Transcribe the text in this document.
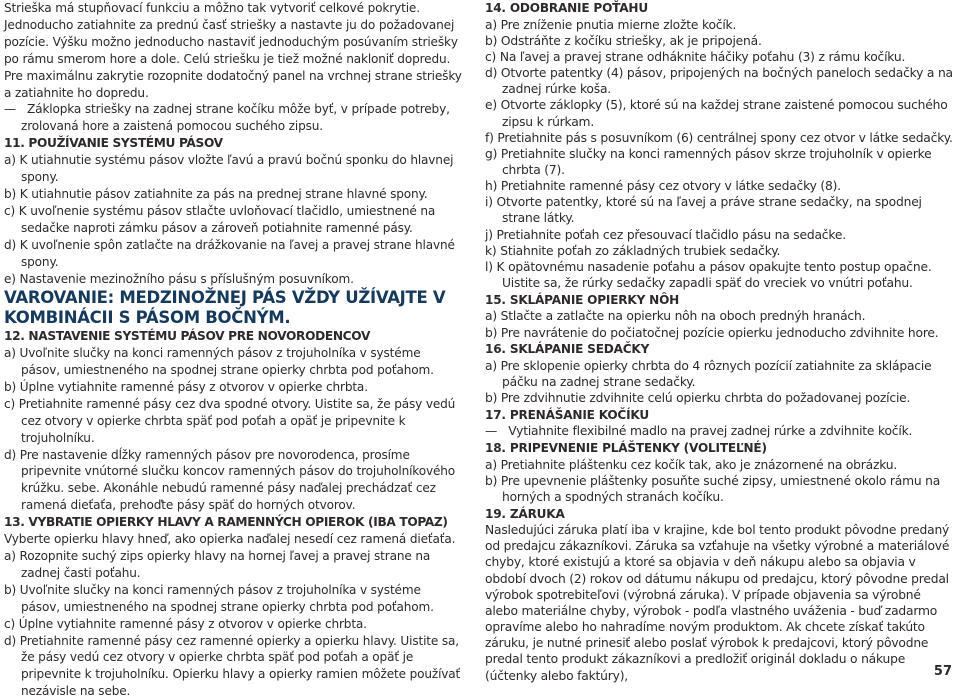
Strieška má stupňovací funkciu a môžno tak vytvoriť celkové pokrytie.

Jednoducho zatiahnite za prednú časť striešky a nastavte ju do požadovanej pozície. Výšku možno jednoducho nastaviť jednoduchým posúvaním strieškу po rámu smerom hore a dole. Celú striešku je tiež možné nakloniť dopredu. Pre maximálnu zakrytie rozopnite dodatočný panel na vrchnej strane striešky a zatiahnite ho dopredu.

— Záklopka strieškу na zadnej strane kočíku môže byť, v prípade potreby, zrolovaná hore a zaistená pomocou suchého zipsu.

11. POUŽÍVANIE SYSTÉMU PÁSOV

a) K utiahnutie systému pásov vložte ľavú a pravú bočnú sponku do hlavnej spony.

b) K utiahnutie pásov zatiahnite za pás na prednej strane hlavné spony.

c) K uvoľnenie systému pásov stlačte uvloňovací tlačidlo, umiestnené na sedačke naproti zámku pásov a zároveň potiahnite ramenné pásy.

d) K uvoľnenie spôn zatlačte na drážkovanie na ľavej a pravej strane hlavné spony.

e) Nastavenie mezinožního pásu s příslušným posuvníkom.

VAROVANIE: MEDZINOŽNEJ PÁS VŽDY UŽÍVAJTE V KOMBINÁCII S PÁSOM BOČNÝM.

12. NASTAVENIE SYSTÉMU PÁSOV PRE NOVORODENCOV

a) Uvoľnite slučky na konci ramenných pásov z trojuholníka v systéme pásov, umiestneného na spodnej strane opierky chrbta pod poťahom.

b) Úplne vytiahnite ramenné pásy z otvorov v opierke chrbta.

c) Pretiahnite ramenné pásy cez dva spodné otvory. Uistite sa, že pásy vedú cez otvory v opierke chrbta späť pod poťah a opäť je pripevnite k trojuholníku.

d) Pre nastavenie dĺžky ramenných pásov pre novorodenca, prosíme pripevnite vnútorné slučku koncov ramenných pásov do trojuholníkového krúžku. sebe. Akonáhle nebudú ramenné pásy naďalej prechádzať cez ramená dieťaťa, prehoďte pásy späť do horných otvorov.

13. VYBRATIE OPIERKY HLAVY A RAMENNÝCH OPIEROK (IBA TOPAZ)

Vyberte opierku hlavy hneď, ako opierka naďalej nesedí cez ramená dieťaťa.

a) Rozopnite suchý zips opierky hlavy na hornej ľavej a pravej strane na zadnej časti poťahu.

b) Uvoľnite slučky na konci ramenných pásov z trojuholníka v systéme pásov, umiestneného na spodnej strane opierky chrbta pod poťahom.

c) Úplne vytiahnite ramenné pásy z otvorov v opierke chrbta.

d) Pretiahnite ramenné pásy cez ramenné opierky a opierku hlavy. Uistite sa, že pásy vedú cez otvory v opierke chrbta späť pod poťah a opäť je pripevnite k trojuholníku. Opierku hlavy a opierky ramien môžete používať nezávisle na sebe.

14. ODOBRANIE POŤAHU

a) Pre zníženie pnutia mierne zložte kočík.

b) Odstráňte z kočíku strieškу, ak je pripojená.

c) Na ľavej a pravej strane odháknite háčiky poťahu (3) z rámu kočíku.

d) Otvorte patentky (4) pásov, pripojených na bočných paneloch sedačky a na zadnej rúrke koša.

e) Otvorte záklopky (5), ktoré sú na každej strane zaistené pomocou suchého zipsu k rúrkam.

f) Pretiahnite pás s posuvníkom (6) centrálnej spony cez otvor v látke sedačky.

g) Pretiahnite slučky na konci ramenných pásov skrze trojuholník v opierke chrbta (7).

h) Pretiahnite ramenné pásy cez otvory v látke sedačky (8).

i) Otvorte patentky, ktoré sú na ľavej a práve strane sedačky, na spodnej strane látky.

j) Pretiahnite poťah cez přesouvací tlačidlo pásu na sedačke.

k) Stiahnite poťah zo základných trubiek sedačky.

l) K opätovnému nasadenie poťahu a pásov opakujte tento postup opačne. Uistite sa, že rúrky sedačky zapadli späť do vreciek vo vnútri poťahu.

15. SKLÁPANIE OPIERKY NÔH

a) Stlačte a zatlačte na opierku nôh na oboch prednýh hranách.

b) Pre navrátenie do počiatočnej pozície opierku jednoducho zdvihnite hore.

16. SKLÁPANIE SEDAČKY

a) Pre sklopenie opierky chrbta do 4 rôznych pozícií zatiahnite za sklápacie páčku na zadnej strane sedačky.

b) Pre zdvihnutie zdvihnite celú opierku chrbta do požadovanej pozície.

17. PRENÁŠANIE KOČÍKU

— Vytiahnite flexibilné madlo na pravej zadnej rúrke a zdvihnite kočík.

18. PRIPEVNENIE PLÁŠTENKY (VOLITEĽNÉ)

a) Pretiahnite pláštenku cez kočík tak, ako je znázornené na obrázku.

b) Pre upevnenie pláštenky posuňte suché zipsy, umiestnené okolo rámu na horných a spodných stranách kočíku.

19. ZÁRUKA

Nasledujúci záruka platí iba v krajine, kde bol tento produkt pôvodne predaný od predajcu zákazníkovi. Záruka sa vzťahuje na všetky výrobné a materiálové chyby, ktoré existujú a ktoré sa objavia v deň nákupu alebo sa objavia v období dvoch (2) rokov od dátumu nákupu od predajcu, ktorý pôvodne predal výrobok spotrebiteľovi (výrobná záruka). V prípade objavenia sa výrobné alebo materiálne chyby, výrobok - podľa vlastného uváženia - buď zadarmo opravíme alebo ho nahradíme novým produktom. Ak chcete získať takúto záruku, je nutné prinesiť alebo poslať výrobok k predajcovi, ktorý pôvodne predal tento produkt zákazníkovi a predložiť originál dokladu o nákupe (účtenky alebo faktúry),	57
